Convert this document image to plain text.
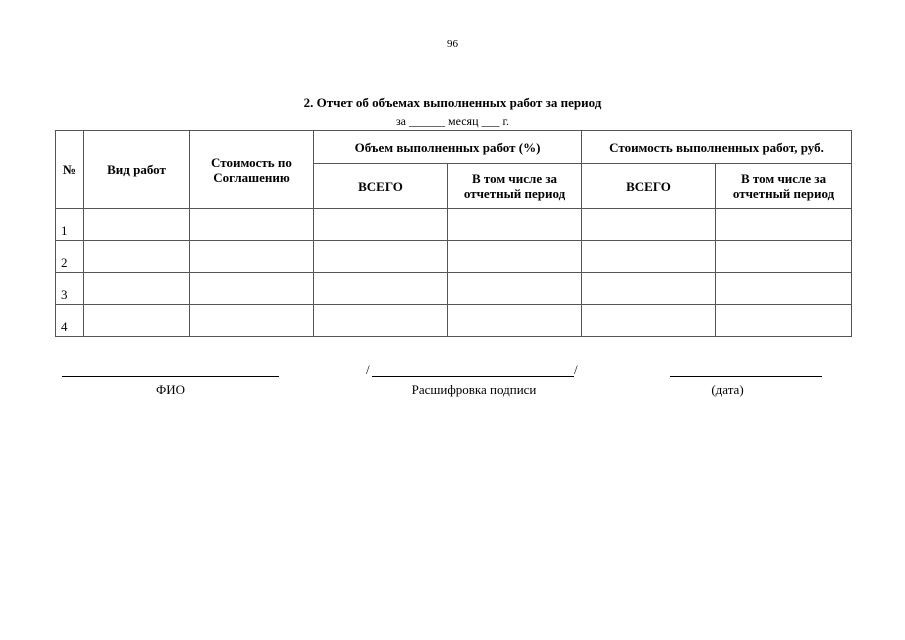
96
2. Отчет об объемах выполненных работ за период
за ______ месяц ___ г.
№	Вид работ	Стоимость по Соглашению	Объем выполненных работ (%)		Стоимость выполненных работ, руб.	
			ВСЕГО	В том числе за отчетный период	ВСЕГО	В том числе за отчетный период
1						
2						
3						
4						
ФИО
/	/
Расшифровка подписи	(дата)
